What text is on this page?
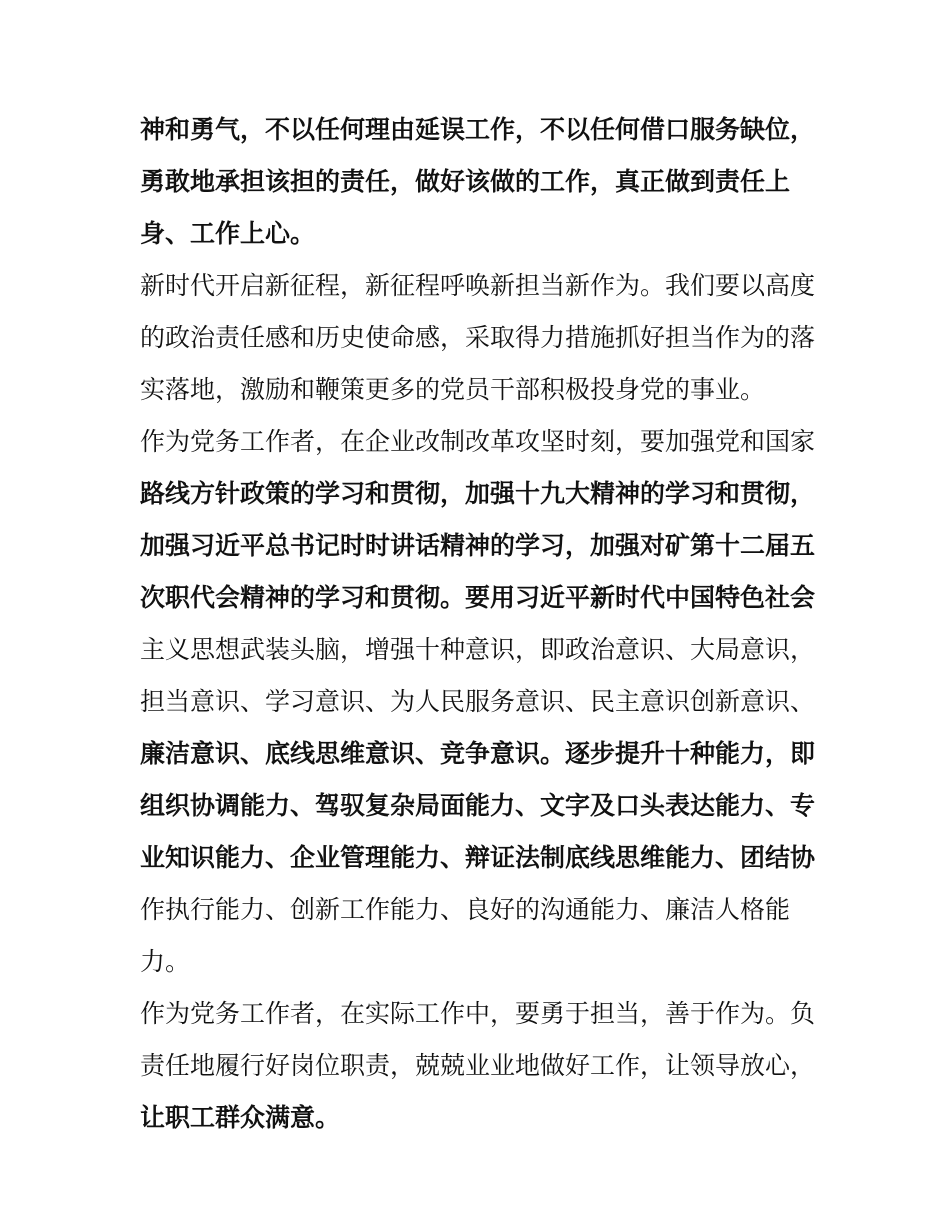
神和勇气，不以任何理由延误工作，不以任何借口服务缺位，
勇敢地承担该担的责任，做好该做的工作，真正做到责任上
身、工作上心。
新时代开启新征程，新征程呼唤新担当新作为。我们要以高度
的政治责任感和历史使命感，采取得力措施抓好担当作为的落
实落地，激励和鞭策更多的党员干部积极投身党的事业。
作为党务工作者，在企业改制改革攻坚时刻，要加强党和国家
路线方针政策的学习和贯彻，加强十九大精神的学习和贯彻，
加强习近平总书记时时讲话精神的学习，加强对矿第十二届五
次职代会精神的学习和贯彻。要用习近平新时代中国特色社会
主义思想武装头脑，增强十种意识，即政治意识、大局意识，
担当意识、学习意识、为人民服务意识、民主意识创新意识、
廉洁意识、底线思维意识、竞争意识。逐步提升十种能力，即
组织协调能力、驾驭复杂局面能力、文字及口头表达能力、专
业知识能力、企业管理能力、辩证法制底线思维能力、团结协
作执行能力、创新工作能力、良好的沟通能力、廉洁人格能
力。
作为党务工作者，在实际工作中，要勇于担当，善于作为。负
责任地履行好岗位职责，兢兢业业地做好工作，让领导放心，
让职工群众满意。
